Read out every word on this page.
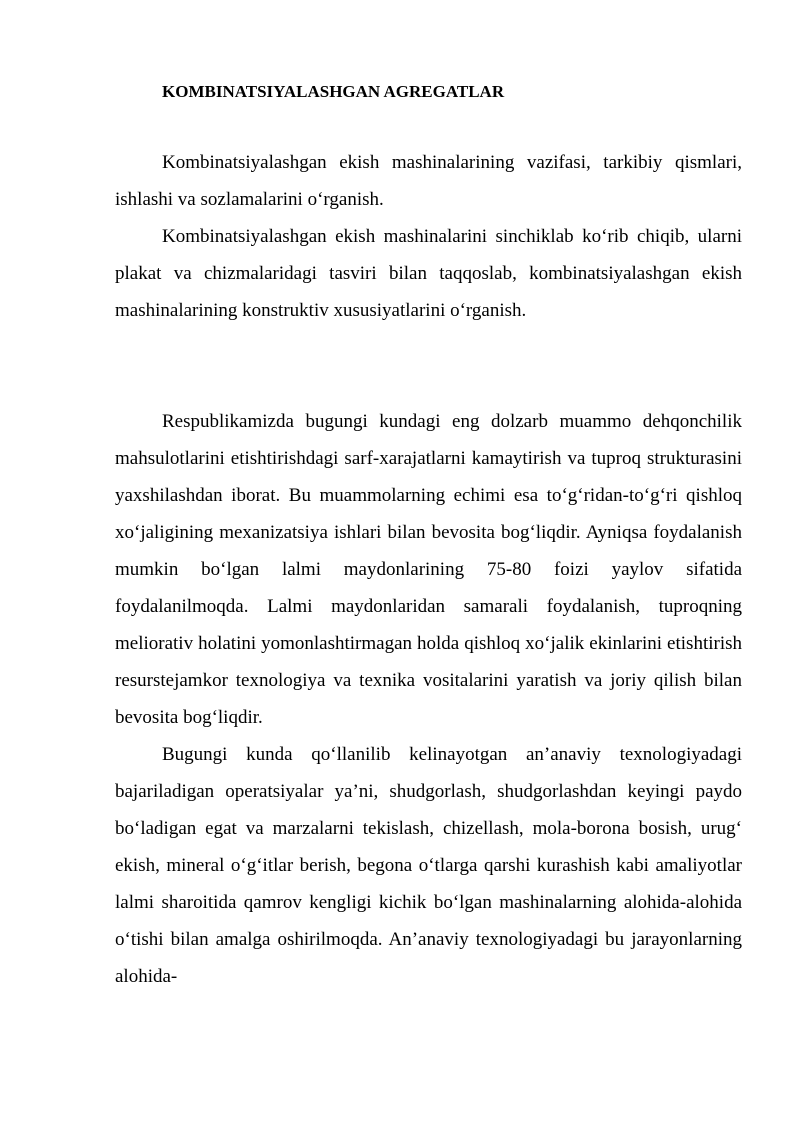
KOMBINATSIYALASHGAN AGREGATLAR

Kombinatsiyalashgan ekish mashinalarining vazifasi, tarkibiy qismlari, ishlashi va sozlamalarini o‘rganish.

Kombinatsiyalashgan ekish mashinalarini sinchiklab ko‘rib chiqib, ularni plakat va chizmalaridagi tasviri bilan taqqoslab, kombinatsiyalashgan ekish mashinalarining konstruktiv xususiyatlarini o‘rganish.

Respublikamizda bugungi kundagi eng dolzarb muammo dehqonchilik mahsulotlarini etishtirishdagi sarf-xarajatlarni kamaytirish va tuproq strukturasini yaxshilashdan iborat. Bu muammolarning echimi esa to‘g‘ridan-to‘g‘ri qishloq xo‘jaligining mexanizatsiya ishlari bilan bevosita bog‘liqdir. Ayniqsa foydalanish mumkin bo‘lgan lalmi maydonlarining 75-80 foizi yaylov sifatida foydalanilmoqda. Lalmi maydonlaridan samarali foydalanish, tuproqning meliorativ holatini yomonlashtirmagan holda qishloq xo‘jalik ekinlarini etishtirish resurstejamkor texnologiya va texnika vositalarini yaratish va joriy qilish bilan bevosita bog‘liqdir.

Bugungi kunda qo‘llanilib kelinayotgan an’anaviy texnologiyadagi bajariladigan operatsiyalar ya’ni, shudgorlash, shudgorlashdan keyingi paydo bo‘ladigan egat va marzalarni tekislash, chizellash, mola-borona bosish, urug‘ ekish, mineral o‘g‘itlar berish, begona o‘tlarga qarshi kurashish kabi amaliyotlar lalmi sharoitida qamrov kengligi kichik bo‘lgan mashinalarning alohida-alohida o‘tishi bilan amalga oshirilmoqda. An’anaviy texnologiyadagi bu jarayonlarning alohida-
